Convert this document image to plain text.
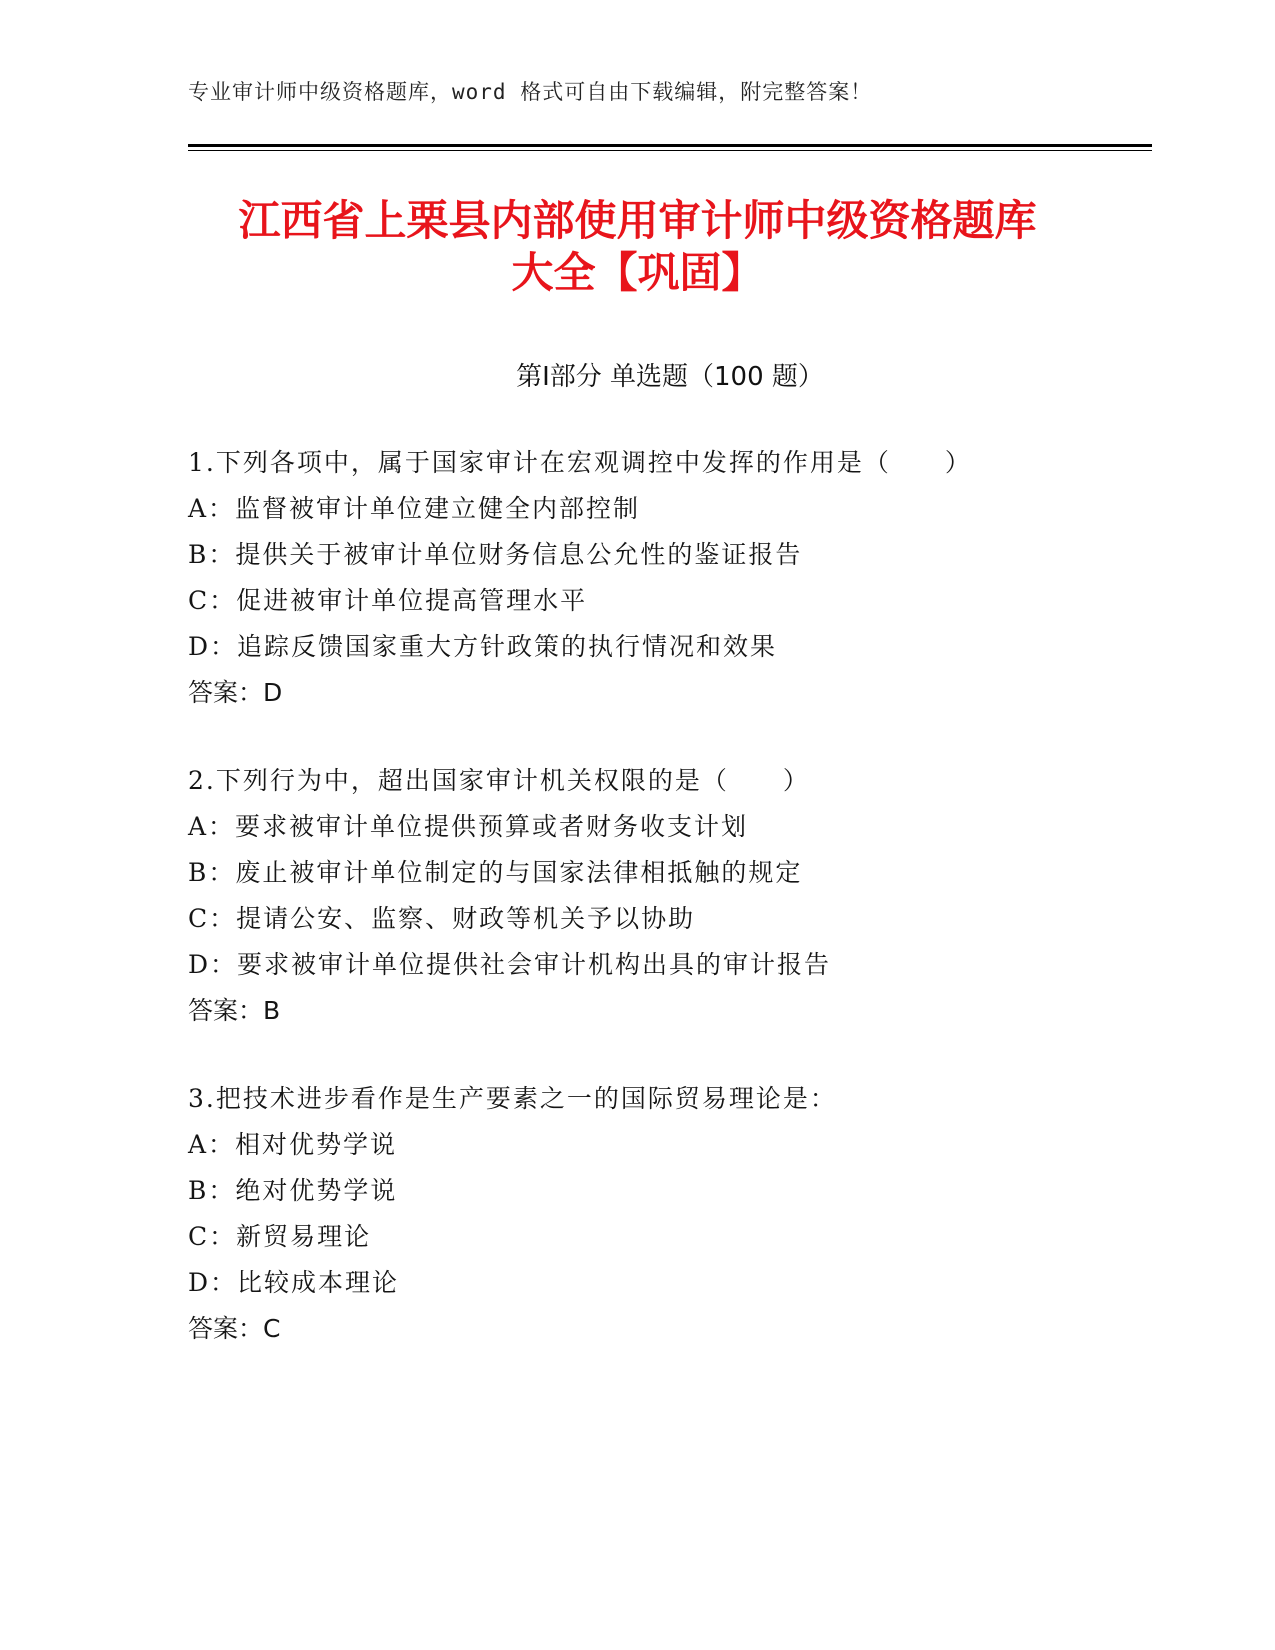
专业审计师中级资格题库，word 格式可自由下载编辑，附完整答案！
江西省上栗县内部使用审计师中级资格题库
大全【巩固】
第Ⅰ部分 单选题（100 题）
1.下列各项中，属于国家审计在宏观调控中发挥的作用是（　　）
A：监督被审计单位建立健全内部控制
B：提供关于被审计单位财务信息公允性的鉴证报告
C：促进被审计单位提高管理水平
D：追踪反馈国家重大方针政策的执行情况和效果
答案：D
2.下列行为中，超出国家审计机关权限的是（　　）
A：要求被审计单位提供预算或者财务收支计划
B：废止被审计单位制定的与国家法律相抵触的规定
C：提请公安、监察、财政等机关予以协助
D：要求被审计单位提供社会审计机构出具的审计报告
答案：B
3.把技术进步看作是生产要素之一的国际贸易理论是：
A：相对优势学说
B：绝对优势学说
C：新贸易理论
D：比较成本理论
答案：C
